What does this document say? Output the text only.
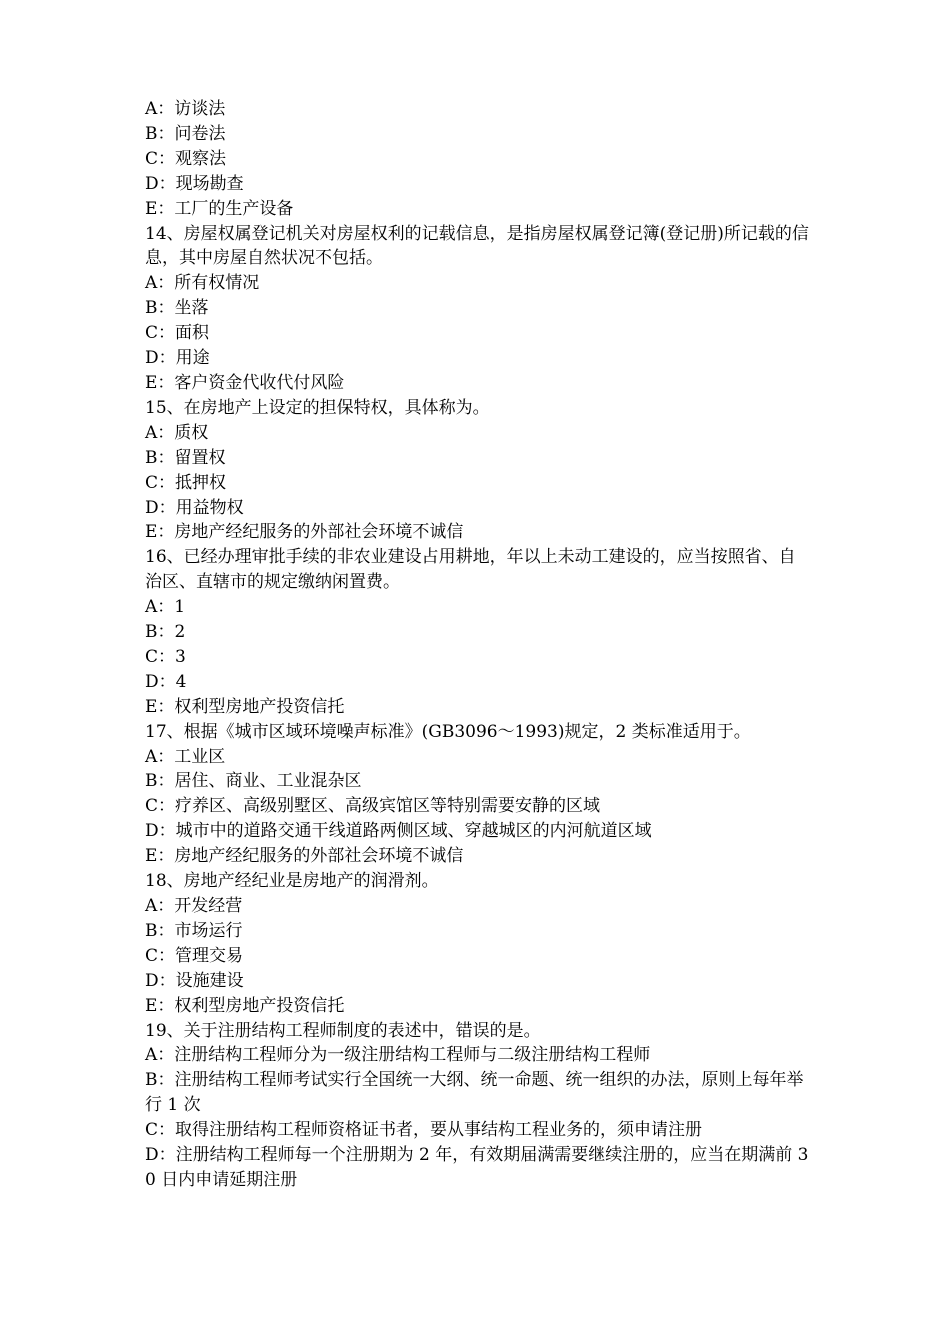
A：访谈法
B：问卷法
C：观察法
D：现场勘查
E：工厂的生产设备
14、房屋权属登记机关对房屋权利的记载信息，是指房屋权属登记簿(登记册)所记载的信息，其中房屋自然状况不包括。
A：所有权情况
B：坐落
C：面积
D：用途
E：客户资金代收代付风险
15、在房地产上设定的担保特权，具体称为。
A：质权
B：留置权
C：抵押权
D：用益物权
E：房地产经纪服务的外部社会环境不诚信
16、已经办理审批手续的非农业建设占用耕地，年以上未动工建设的，应当按照省、自治区、直辖市的规定缴纳闲置费。
A：1
B：2
C：3
D：4
E：权利型房地产投资信托
17、根据《城市区域环境噪声标准》(GB3096～1993)规定，2 类标准适用于。
A：工业区
B：居住、商业、工业混杂区
C：疗养区、高级别墅区、高级宾馆区等特别需要安静的区域
D：城市中的道路交通干线道路两侧区域、穿越城区的内河航道区域
E：房地产经纪服务的外部社会环境不诚信
18、房地产经纪业是房地产的润滑剂。
A：开发经营
B：市场运行
C：管理交易
D：设施建设
E：权利型房地产投资信托
19、关于注册结构工程师制度的表述中，错误的是。
A：注册结构工程师分为一级注册结构工程师与二级注册结构工程师
B：注册结构工程师考试实行全国统一大纲、统一命题、统一组织的办法，原则上每年举行 1 次
C：取得注册结构工程师资格证书者，要从事结构工程业务的，须申请注册
D：注册结构工程师每一个注册期为 2 年，有效期届满需要继续注册的，应当在期满前 30 日内申请延期注册
